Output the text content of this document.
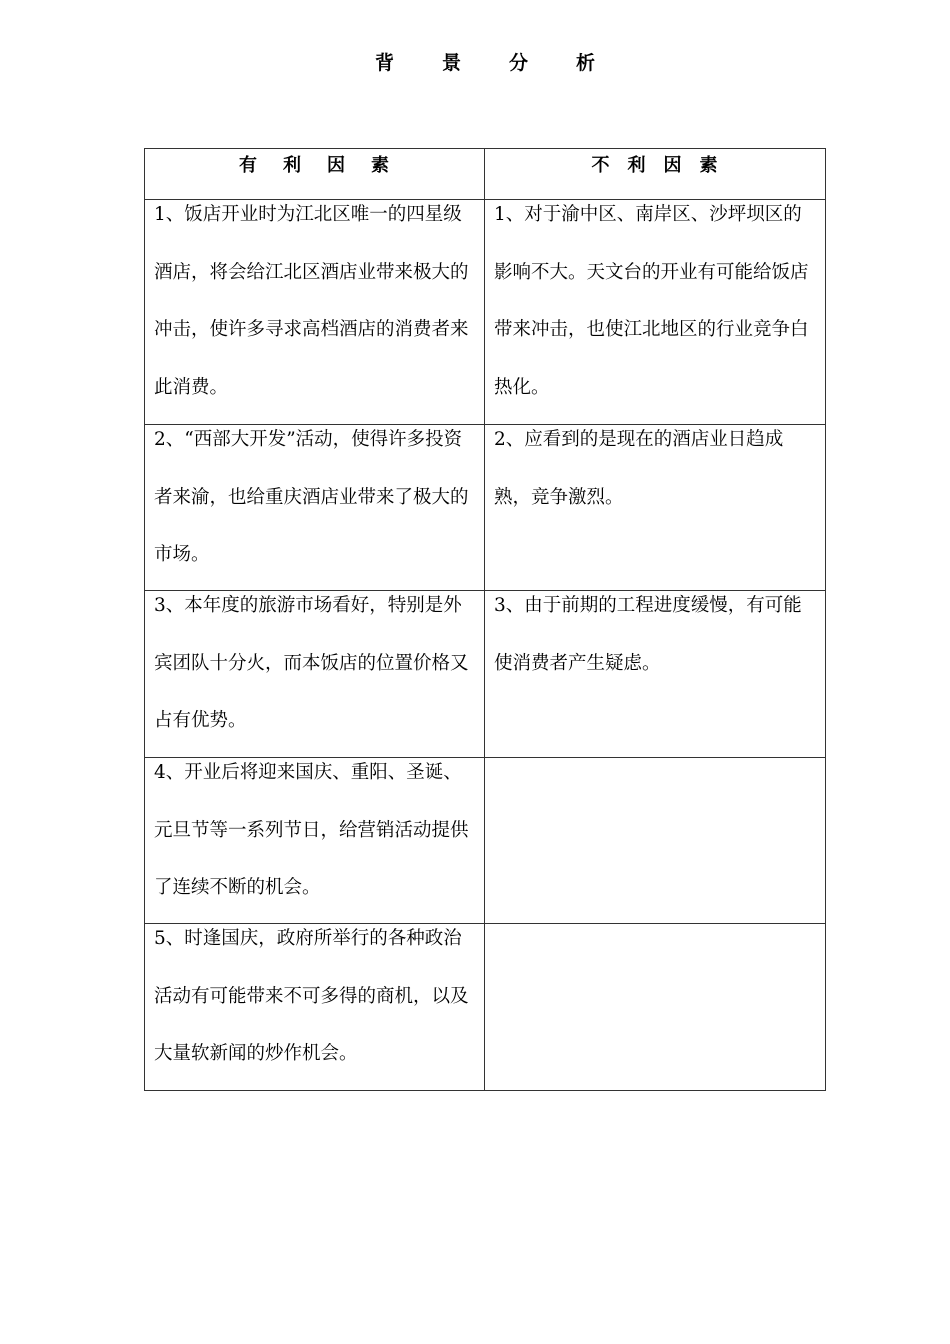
背景分析
有利因素	不利因素

1、饭店开业时为江北区唯一的四星级酒店，将会给江北区酒店业带来极大的冲击，使许多寻求高档酒店的消费者来此消费。	1、对于渝中区、南岸区、沙坪坝区的影响不大。天文台的开业有可能给饭店带来冲击，也使江北地区的行业竞争白热化。

2、“西部大开发”活动，使得许多投资者来渝，也给重庆酒店业带来了极大的市场。	2、应看到的是现在的酒店业日趋成熟，竞争激烈。

3、本年度的旅游市场看好，特别是外宾团队十分火，而本饭店的位置价格又占有优势。	3、由于前期的工程进度缓慢，有可能使消费者产生疑虑。

4、开业后将迎来国庆、重阳、圣诞、元旦节等一系列节日，给营销活动提供了连续不断的机会。	

5、时逢国庆，政府所举行的各种政治活动有可能带来不可多得的商机，以及大量软新闻的炒作机会。	
